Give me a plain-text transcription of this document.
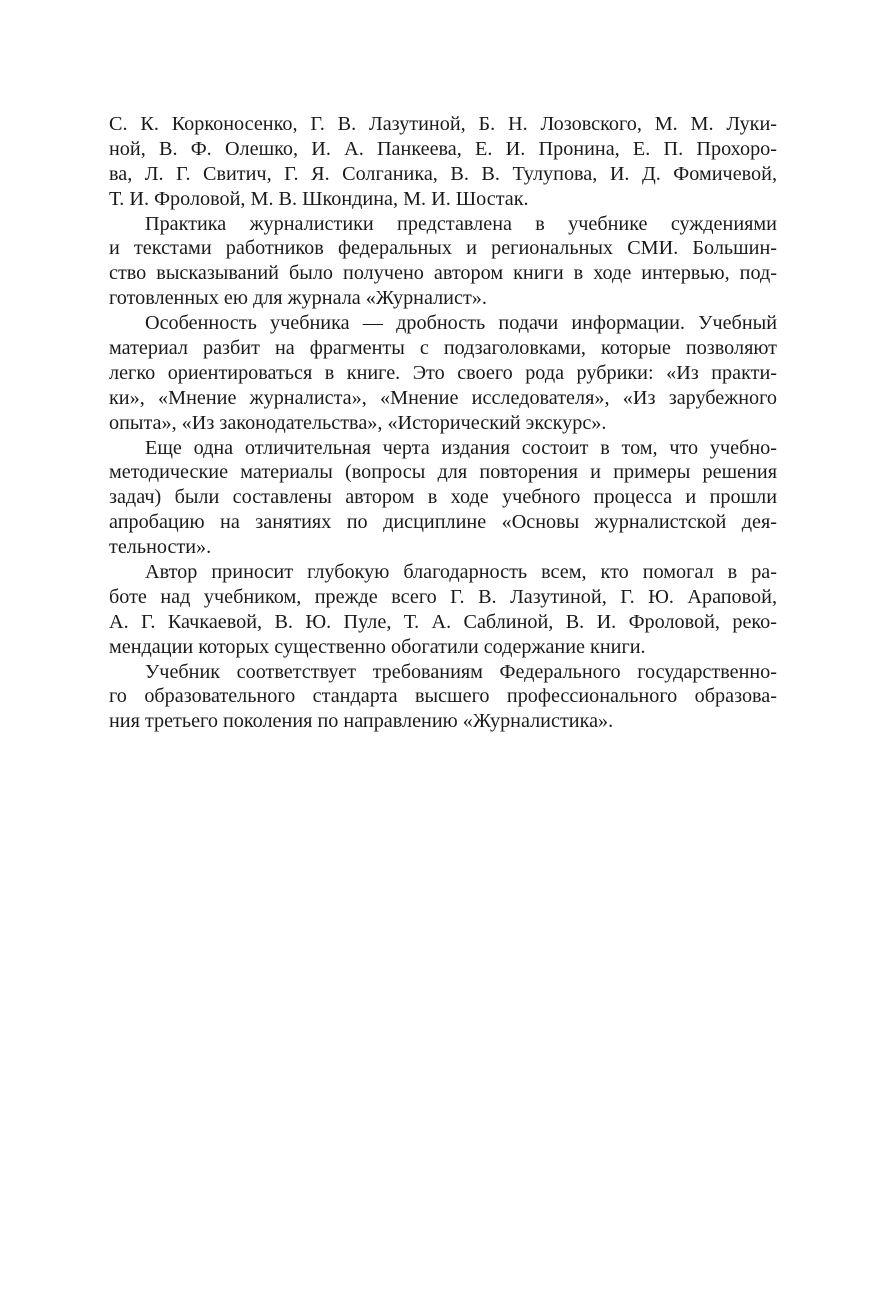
С. К. Корконосенко, Г. В. Лазутиной, Б. Н. Лозовского, М. М. Луки-
ной, В. Ф. Олешко, И. А. Панкеева, Е. И. Пронина, Е. П. Прохоро-
ва, Л. Г. Свитич, Г. Я. Солганика, В. В. Тулупова, И. Д. Фомичевой,
Т. И. Фроловой, М. В. Шкондина, М. И. Шостак.

Практика журналистики представлена в учебнике суждениями
и текстами работников федеральных и региональных СМИ. Большин-
ство высказываний было получено автором книги в ходе интервью, под-
готовленных ею для журнала «Журналист».

Особенность учебника — дробность подачи информации. Учебный
материал разбит на фрагменты с подзаголовками, которые позволяют
легко ориентироваться в книге. Это своего рода рубрики: «Из практи-
ки», «Мнение журналиста», «Мнение исследователя», «Из зарубежного
опыта», «Из законодательства», «Исторический экскурс».

Еще одна отличительная черта издания состоит в том, что учебно-
методические материалы (вопросы для повторения и примеры решения
задач) были составлены автором в ходе учебного процесса и прошли
апробацию на занятиях по дисциплине «Основы журналистской дея-
тельности».

Автор приносит глубокую благодарность всем, кто помогал в ра-
боте над учебником, прежде всего Г. В. Лазутиной, Г. Ю. Араповой,
А. Г. Качкаевой, В. Ю. Пуле, Т. А. Саблиной, В. И. Фроловой, реко-
мендации которых существенно обогатили содержание книги.

Учебник соответствует требованиям Федерального государственно-
го образовательного стандарта высшего профессионального образова-
ния третьего поколения по направлению «Журналистика».
